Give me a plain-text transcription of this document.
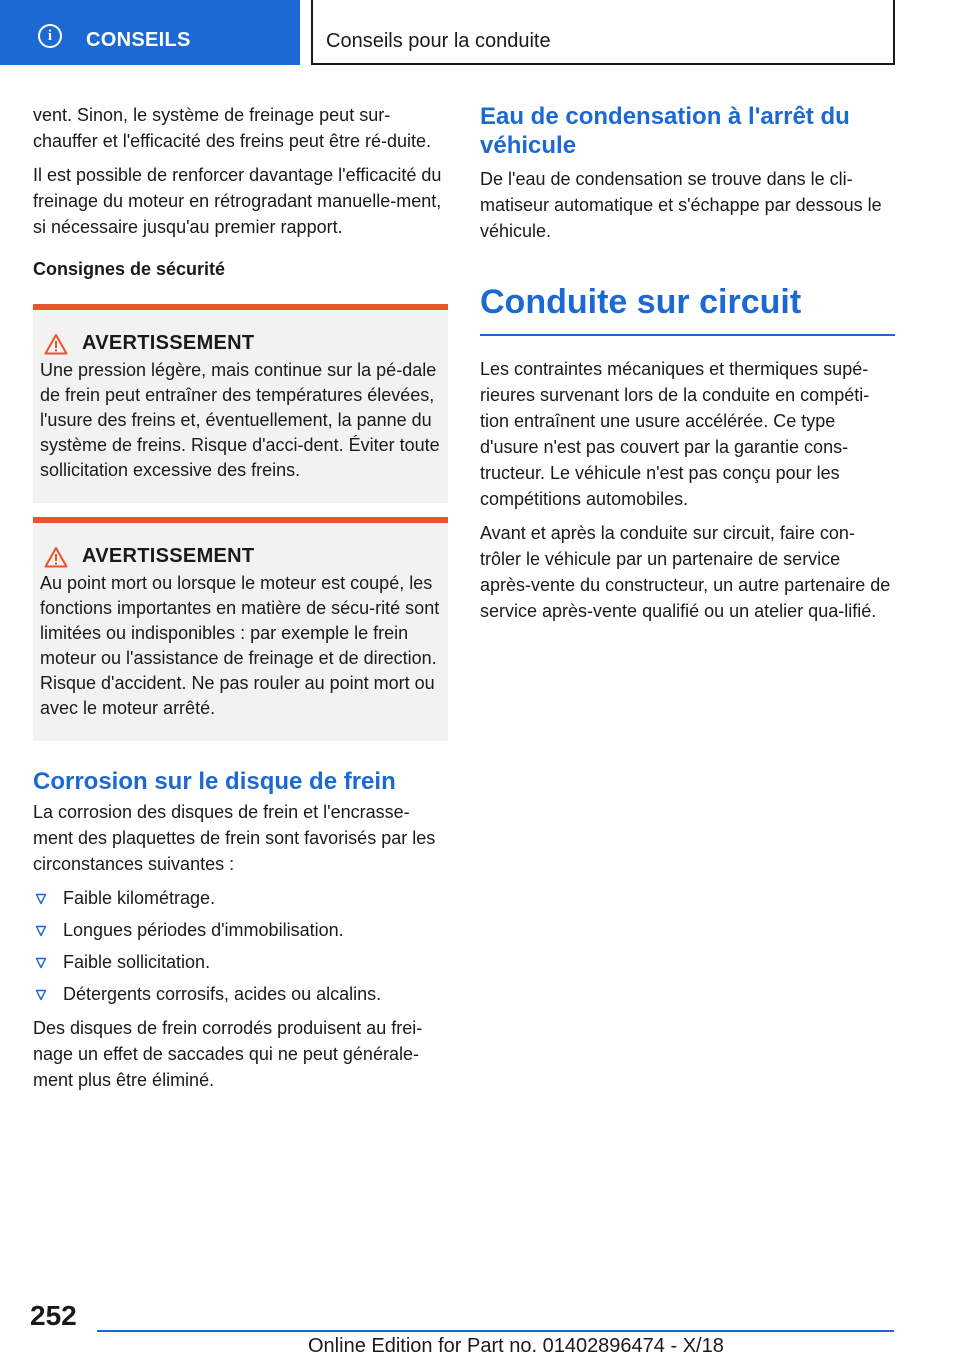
i	CONSEILS	Conseils pour la conduite

vent. Sinon, le système de freinage peut sur-chauffer et l'efficacité des freins peut être ré-duite.

Il est possible de renforcer davantage l'efficacité du freinage du moteur en rétrogradant manuelle-ment, si nécessaire jusqu'au premier rapport.

Consignes de sécurité
AVERTISSEMENT
Une pression légère, mais continue sur la pé-dale de frein peut entraîner des températures élevées, l'usure des freins et, éventuellement, la panne du système de freins. Risque d'acci-dent. Éviter toute sollicitation excessive des freins.
AVERTISSEMENT
Au point mort ou lorsque le moteur est coupé, les fonctions importantes en matière de sécu-rité sont limitées ou indisponibles : par exemple le frein moteur ou l'assistance de freinage et de direction. Risque d'accident. Ne pas rouler au point mort ou avec le moteur arrêté.
Corrosion sur le disque de frein

La corrosion des disques de frein et l'encrasse-ment des plaquettes de frein sont favorisés par les circonstances suivantes :

Faible kilométrage.
Longues périodes d'immobilisation.
Faible sollicitation.
Détergents corrosifs, acides ou alcalins.

Des disques de frein corrodés produisent au frei-nage un effet de saccades qui ne peut générale-ment plus être éliminé.

Eau de condensation à l'arrêt du véhicule

De l'eau de condensation se trouve dans le cli-matiseur automatique et s'échappe par dessous le véhicule.

Conduite sur circuit

Les contraintes mécaniques et thermiques supé-rieures survenant lors de la conduite en compéti-tion entraînent une usure accélérée. Ce type d'usure n'est pas couvert par la garantie cons-tructeur. Le véhicule n'est pas conçu pour les compétitions automobiles.

Avant et après la conduite sur circuit, faire con-trôler le véhicule par un partenaire de service après-vente du constructeur, un autre partenaire de service après-vente qualifié ou un atelier qua-lifié.

252
Online Edition for Part no. 01402896474 - X/18
